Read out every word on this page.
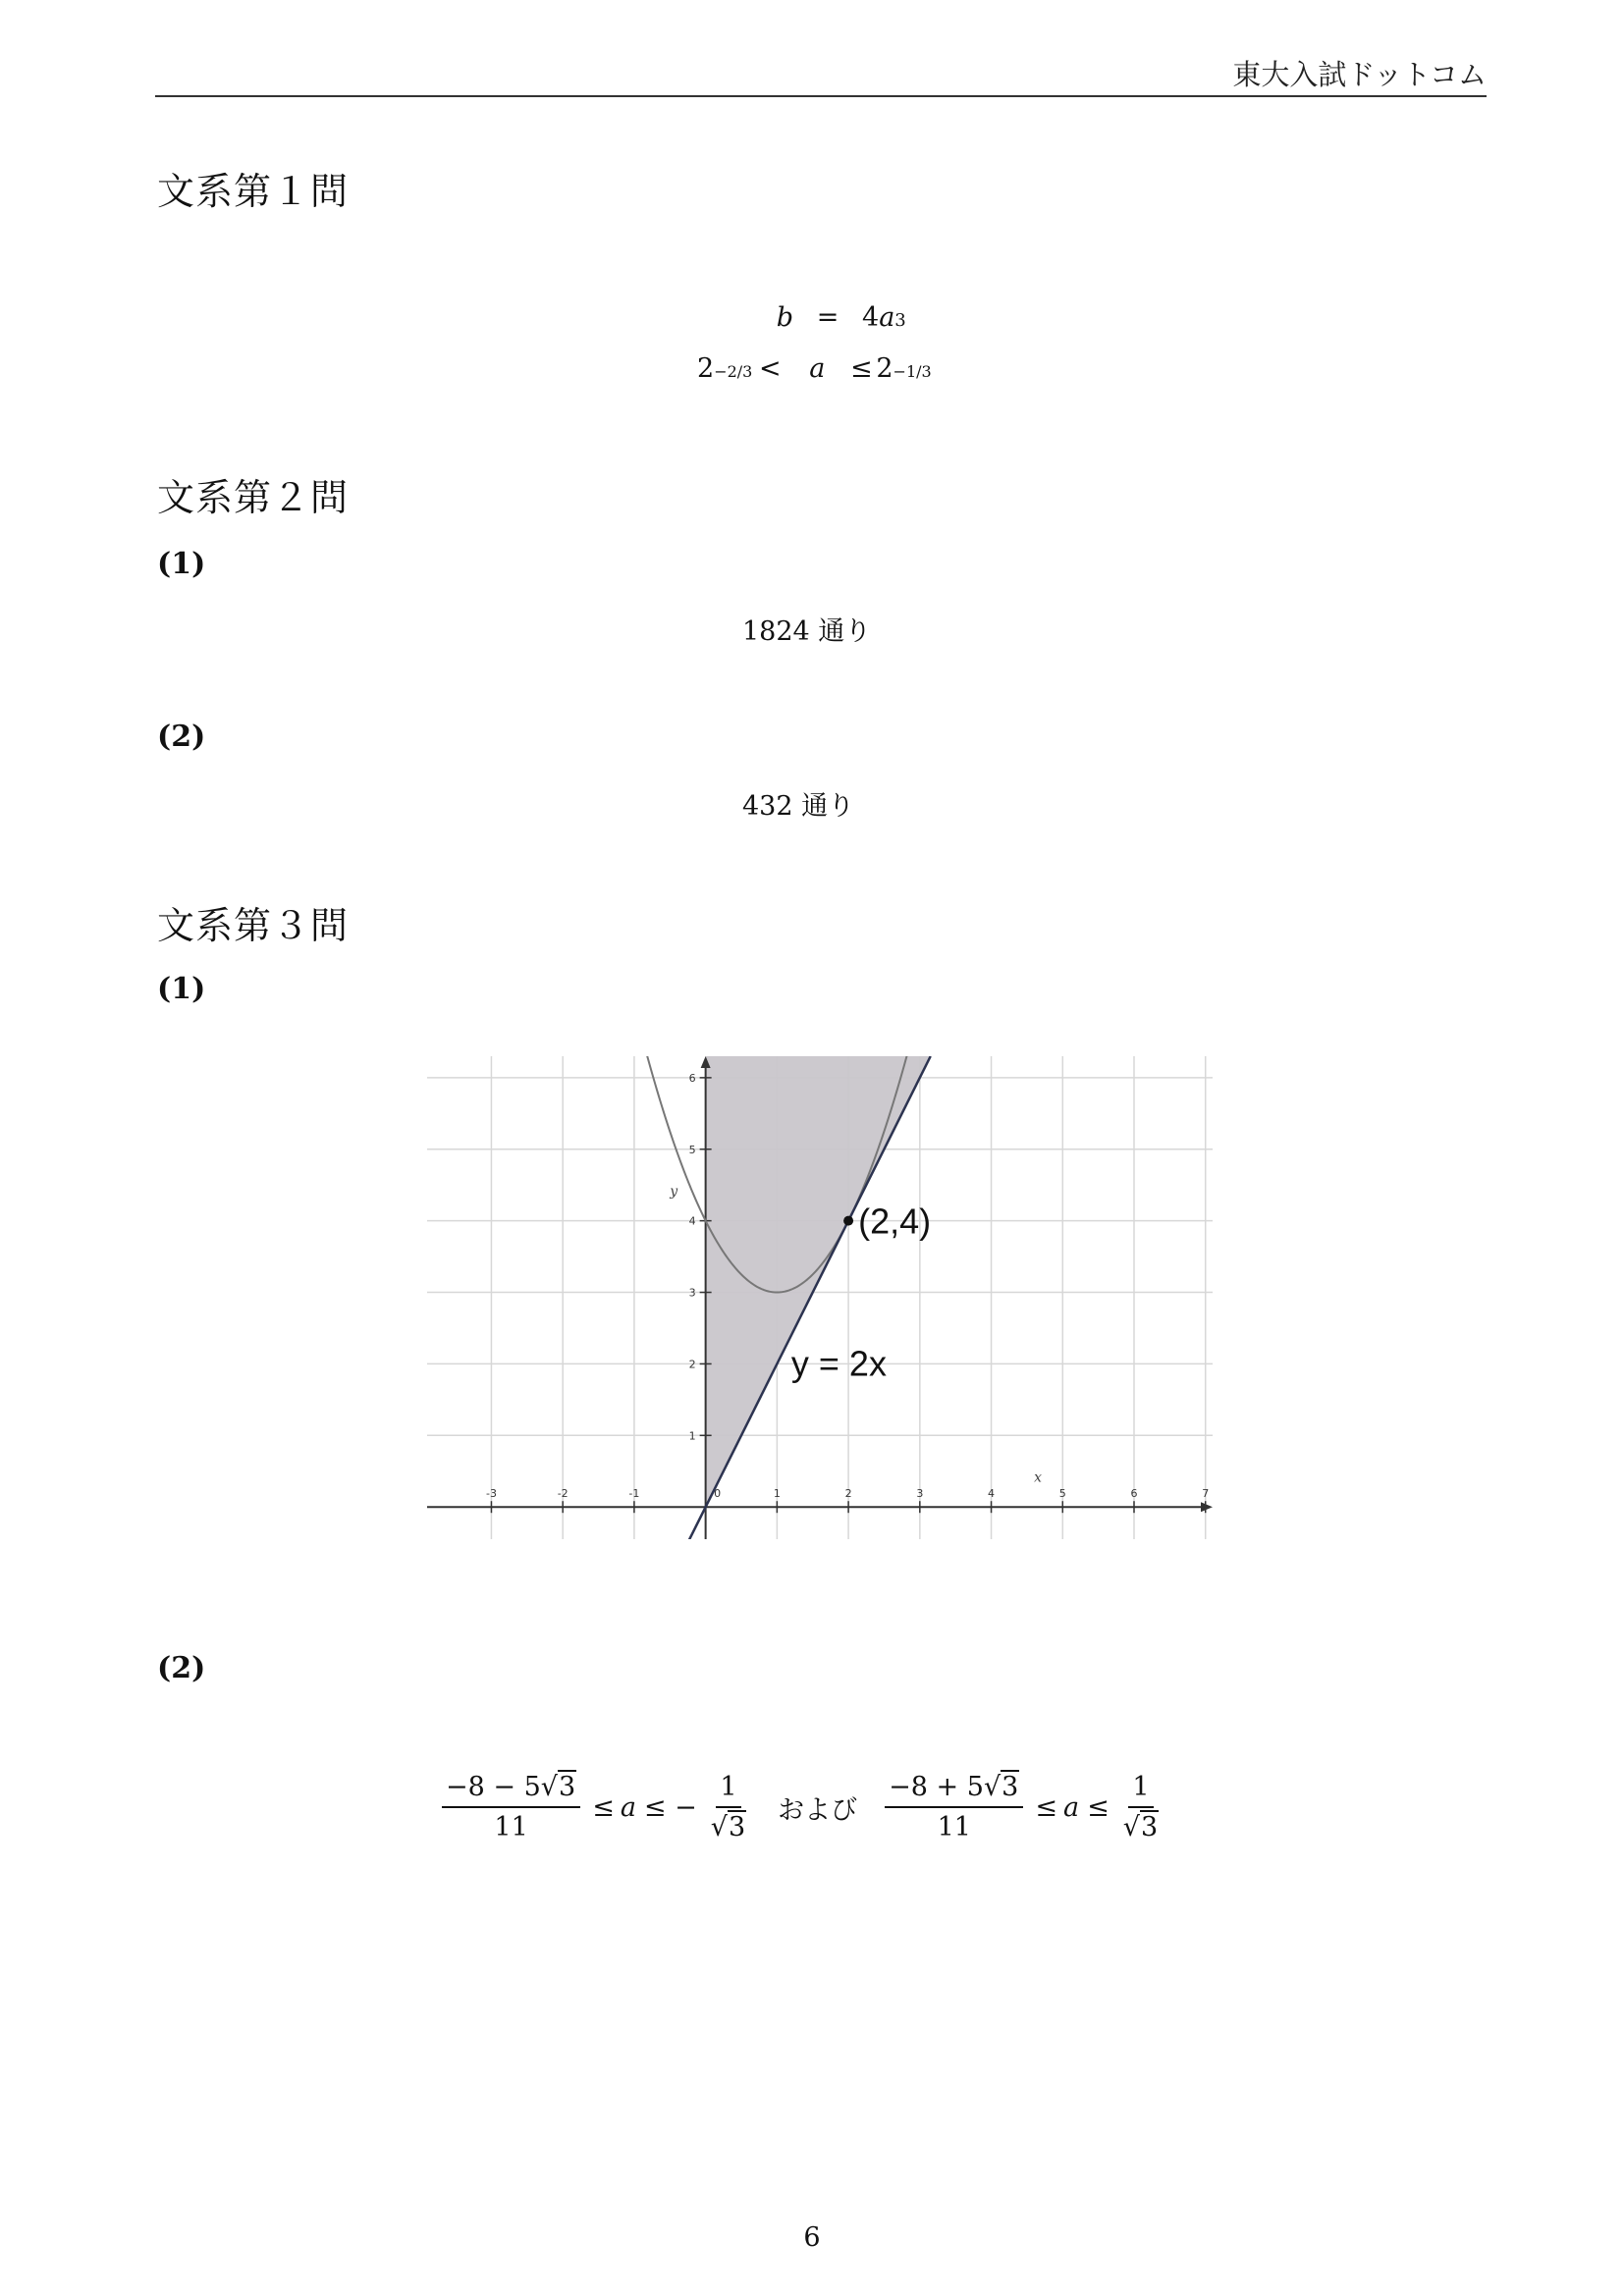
東大入試ドットコム
文系第１問
b = 4 a 3
2 −2/3 <	a ≤ 2 −1/3
文系第２問
(1)
1824 通り
(2)
432 通り
文系第３問
(1)
-3	-2	-1	0	1	2	3	4	5	6	7
1
2
3
4
5
6
x
y
(2,4)
y = 2x
(2)
$\frac{-8 - 5√3}{11} \le a$ ≤ − $\frac{1}{√3}$ および $\frac{-8 + 5√3}{11} \le a \le \frac{1}{√3}$
6
